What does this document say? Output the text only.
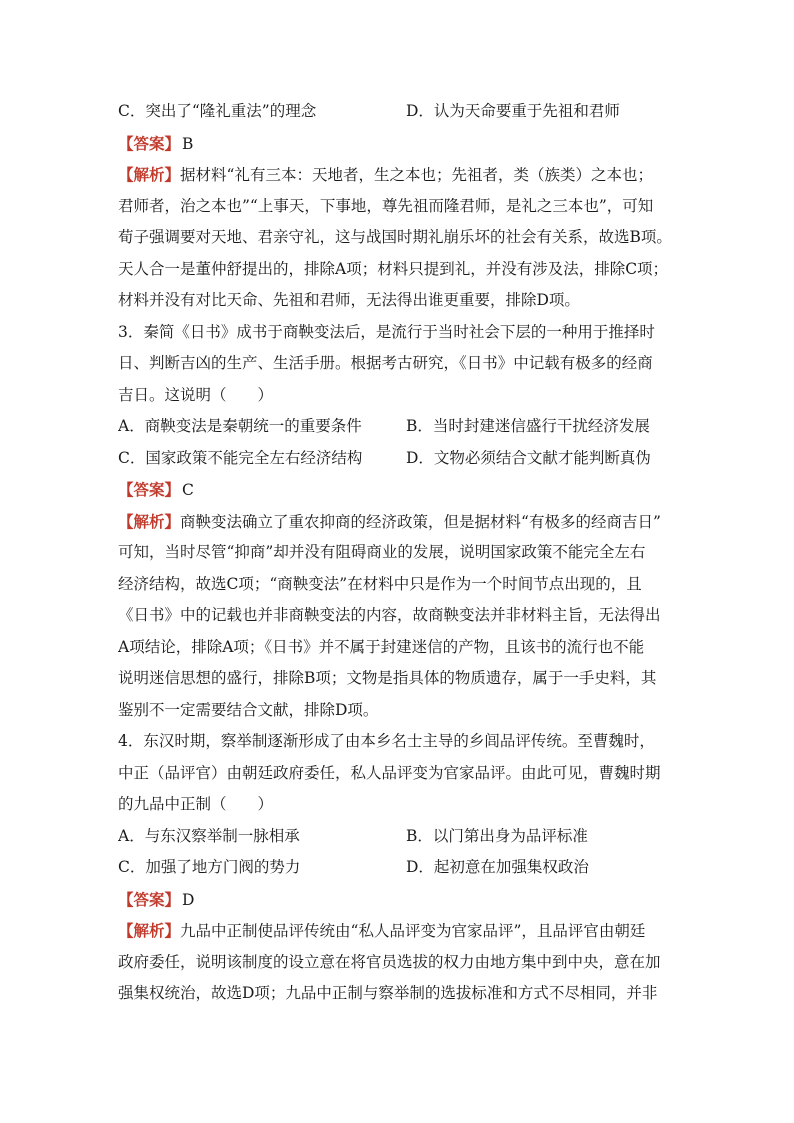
C．突出了“隆礼重法”的理念	D．认为天命要重于先祖和君师
【答案】 B
【解析】据材料“礼有三本：天地者，生之本也；先祖者，类（族类）之本也；
君师者，治之本也”“上事天，下事地，尊先祖而隆君师，是礼之三本也”，可知
荀子强调要对天地、君亲守礼，这与战国时期礼崩乐坏的社会有关系，故选B项。
天人合一是董仲舒提出的，排除A项；材料只提到礼，并没有涉及法，排除C项；
材料并没有对比天命、先祖和君师，无法得出谁更重要，排除D项。
3．秦简《日书》成书于商鞅变法后，是流行于当时社会下层的一种用于推择时
日、判断吉凶的生产、生活手册。根据考古研究，《日书》中记载有极多的经商
吉日。这说明（　　）
A．商鞅变法是秦朝统一的重要条件	B．当时封建迷信盛行干扰经济发展
C．国家政策不能完全左右经济结构	D．文物必须结合文献才能判断真伪
【答案】 C
【解析】商鞅变法确立了重农抑商的经济政策，但是据材料“有极多的经商吉日”
可知，当时尽管“抑商”却并没有阻碍商业的发展，说明国家政策不能完全左右
经济结构，故选C项；“商鞅变法”在材料中只是作为一个时间节点出现的，且
《日书》中的记载也并非商鞅变法的内容，故商鞅变法并非材料主旨，无法得出
A项结论，排除A项；《日书》并不属于封建迷信的产物，且该书的流行也不能
说明迷信思想的盛行，排除B项；文物是指具体的物质遗存，属于一手史料，其
鉴别不一定需要结合文献，排除D项。
4．东汉时期，察举制逐渐形成了由本乡名士主导的乡闾品评传统。至曹魏时，
中正（品评官）由朝廷政府委任，私人品评变为官家品评。由此可见，曹魏时期
的九品中正制（　　）
A．与东汉察举制一脉相承	B．以门第出身为品评标准
C．加强了地方门阀的势力	D．起初意在加强集权政治
【答案】 D
【解析】九品中正制使品评传统由“私人品评变为官家品评”，且品评官由朝廷
政府委任，说明该制度的设立意在将官员选拔的权力由地方集中到中央，意在加
强集权统治，故选D项；九品中正制与察举制的选拔标准和方式不尽相同，并非
